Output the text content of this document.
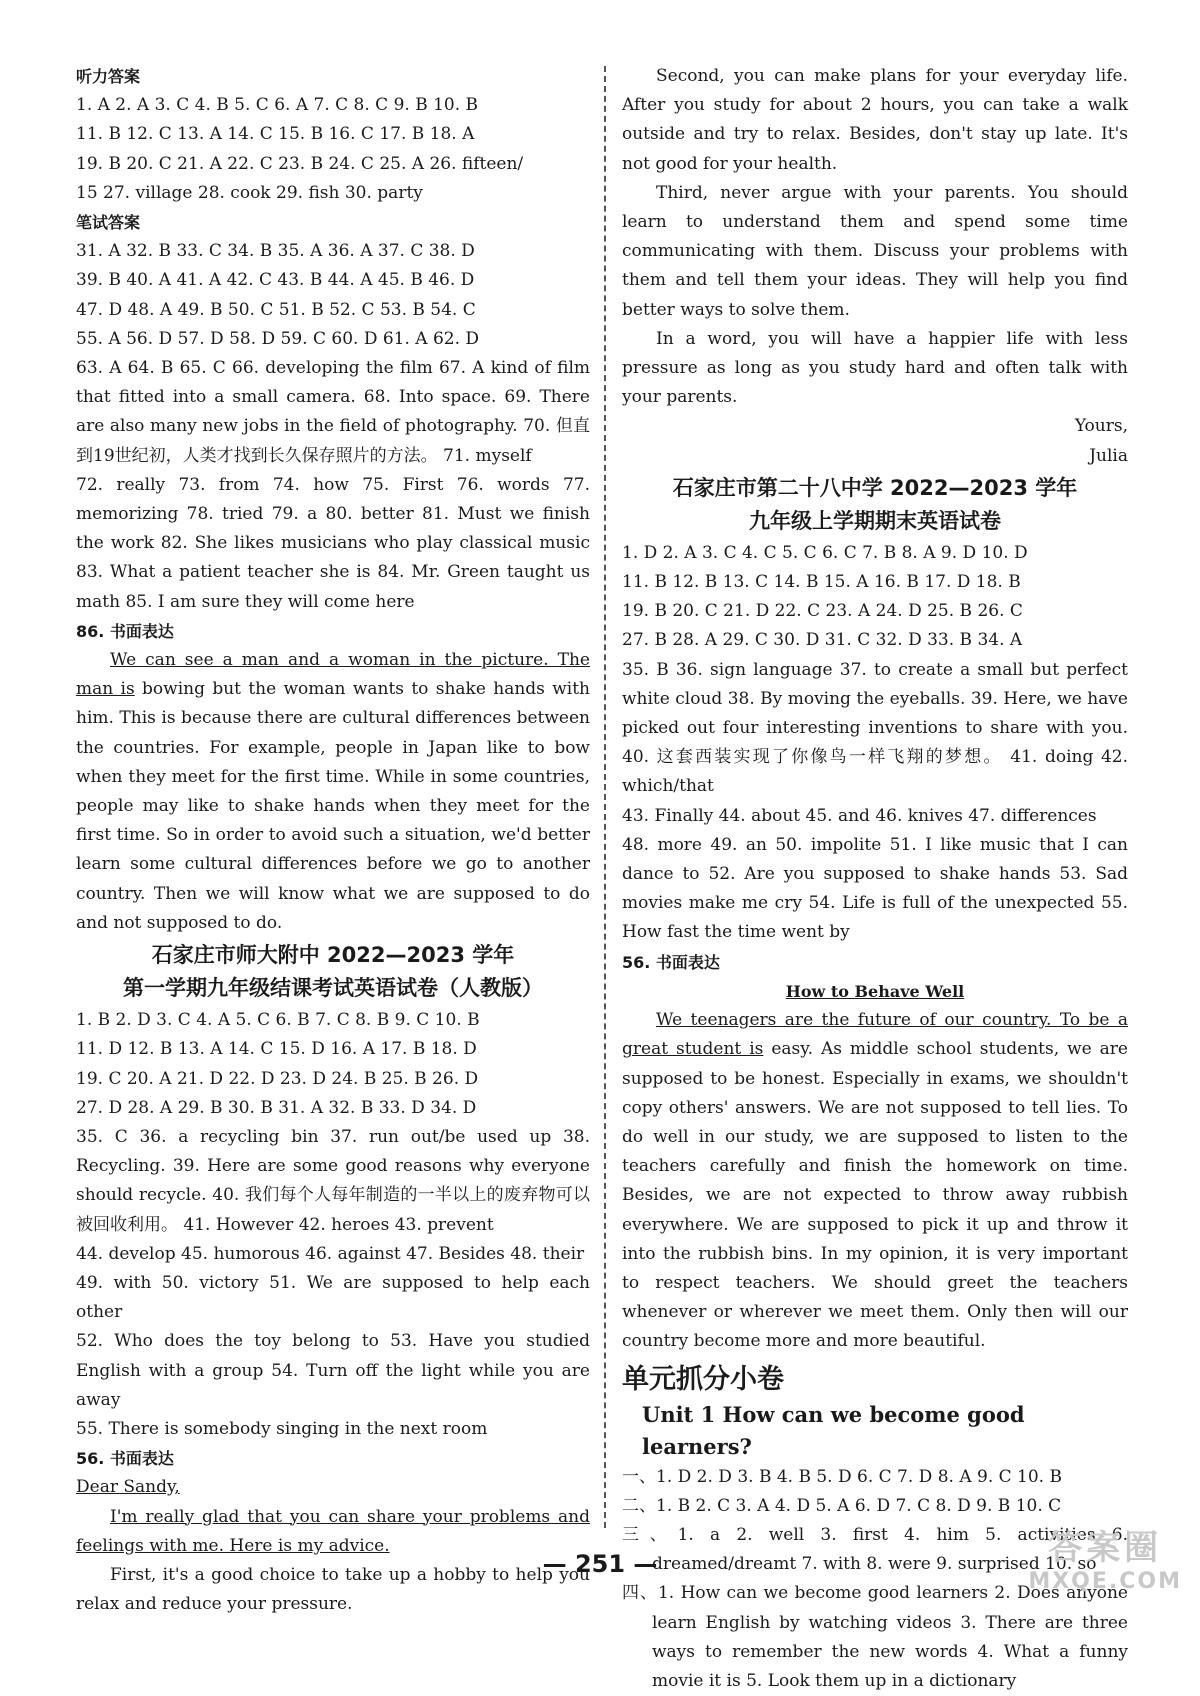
听力答案

1. A 2. A 3. C 4. B 5. C 6. A 7. C 8. C 9. B 10. B

11. B 12. C 13. A 14. C 15. B 16. C 17. B 18. A

19. B 20. C 21. A 22. C 23. B 24. C 25. A 26. fifteen/

15 27. village 28. cook 29. fish 30. party

笔试答案

31. A 32. B 33. C 34. B 35. A 36. A 37. C 38. D

39. B 40. A 41. A 42. C 43. B 44. A 45. B 46. D

47. D 48. A 49. B 50. C 51. B 52. C 53. B 54. C

55. A 56. D 57. D 58. D 59. C 60. D 61. A 62. D

63. A 64. B 65. C 66. developing the film 67. A kind of film that fitted into a small camera. 68. Into space. 69. There are also many new jobs in the field of photography. 70. 但直到19世纪初，人类才找到长久保存照片的方法。 71. myself

72. really 73. from 74. how 75. First 76. words 77. memorizing 78. tried 79. a 80. better 81. Must we finish the work 82. She likes musicians who play classical music 83. What a patient teacher she is 84. Mr. Green taught us math 85. I am sure they will come here

86. 书面表达

We can see a man and a woman in the picture. The man is bowing but the woman wants to shake hands with him. This is because there are cultural differences between the countries. For example, people in Japan like to bow when they meet for the first time. While in some countries, people may like to shake hands when they meet for the first time. So in order to avoid such a situation, we'd better learn some cultural differences before we go to another country. Then we will know what we are supposed to do and not supposed to do.

石家庄市师大附中 2022—2023 学年

第一学期九年级结课考试英语试卷（人教版）

1. B 2. D 3. C 4. A 5. C 6. B 7. C 8. B 9. C 10. B

11. D 12. B 13. A 14. C 15. D 16. A 17. B 18. D

19. C 20. A 21. D 22. D 23. D 24. B 25. B 26. D

27. D 28. A 29. B 30. B 31. A 32. B 33. D 34. D

35. C 36. a recycling bin 37. run out/be used up 38. Recycling. 39. Here are some good reasons why everyone should recycle. 40. 我们每个人每年制造的一半以上的废弃物可以被回收利用。 41. However 42. heroes 43. prevent

44. develop 45. humorous 46. against 47. Besides 48. their

49. with 50. victory 51. We are supposed to help each other

52. Who does the toy belong to 53. Have you studied English with a group 54. Turn off the light while you are away

55. There is somebody singing in the next room

56. 书面表达

Dear Sandy,

I'm really glad that you can share your problems and feelings with me. Here is my advice.

First, it's a good choice to take up a hobby to help you relax and reduce your pressure.

Second, you can make plans for your everyday life. After you study for about 2 hours, you can take a walk outside and try to relax. Besides, don't stay up late. It's not good for your health.

Third, never argue with your parents. You should learn to understand them and spend some time communicating with them. Discuss your problems with them and tell them your ideas. They will help you find better ways to solve them.

In a word, you will have a happier life with less pressure as long as you study hard and often talk with your parents.

Yours,

Julia

石家庄市第二十八中学 2022—2023 学年

九年级上学期期末英语试卷

1. D 2. A 3. C 4. C 5. C 6. C 7. B 8. A 9. D 10. D

11. B 12. B 13. C 14. B 15. A 16. B 17. D 18. B

19. B 20. C 21. D 22. C 23. A 24. D 25. B 26. C

27. B 28. A 29. C 30. D 31. C 32. D 33. B 34. A

35. B 36. sign language 37. to create a small but perfect white cloud 38. By moving the eyeballs. 39. Here, we have picked out four interesting inventions to share with you. 40. 这套西装实现了你像鸟一样飞翔的梦想。 41. doing 42. which/that

43. Finally 44. about 45. and 46. knives 47. differences

48. more 49. an 50. impolite 51. I like music that I can dance to 52. Are you supposed to shake hands 53. Sad movies make me cry 54. Life is full of the unexpected 55. How fast the time went by

56. 书面表达

How to Behave Well

We teenagers are the future of our country. To be a great student is easy. As middle school students, we are supposed to be honest. Especially in exams, we shouldn't copy others' answers. We are not supposed to tell lies. To do well in our study, we are supposed to listen to the teachers carefully and finish the homework on time. Besides, we are not expected to throw away rubbish everywhere. We are supposed to pick it up and throw it into the rubbish bins. In my opinion, it is very important to respect teachers. We should greet the teachers whenever or wherever we meet them. Only then will our country become more and more beautiful.

单元抓分小卷

Unit 1 How can we become good learners?

一、1. D 2. D 3. B 4. B 5. D 6. C 7. D 8. A 9. C 10. B

二、1. B 2. C 3. A 4. D 5. A 6. D 7. C 8. D 9. B 10. C

三、1. a 2. well 3. first 4. him 5. activities 6. dreamed/dreamt 7. with 8. were 9. surprised 10. so

四、1. How can we become good learners 2. Does anyone learn English by watching videos 3. There are three ways to remember the new words 4. What a funny movie it is 5. Look them up in a dictionary

— 251 —	答案圈
MXQE.COM
